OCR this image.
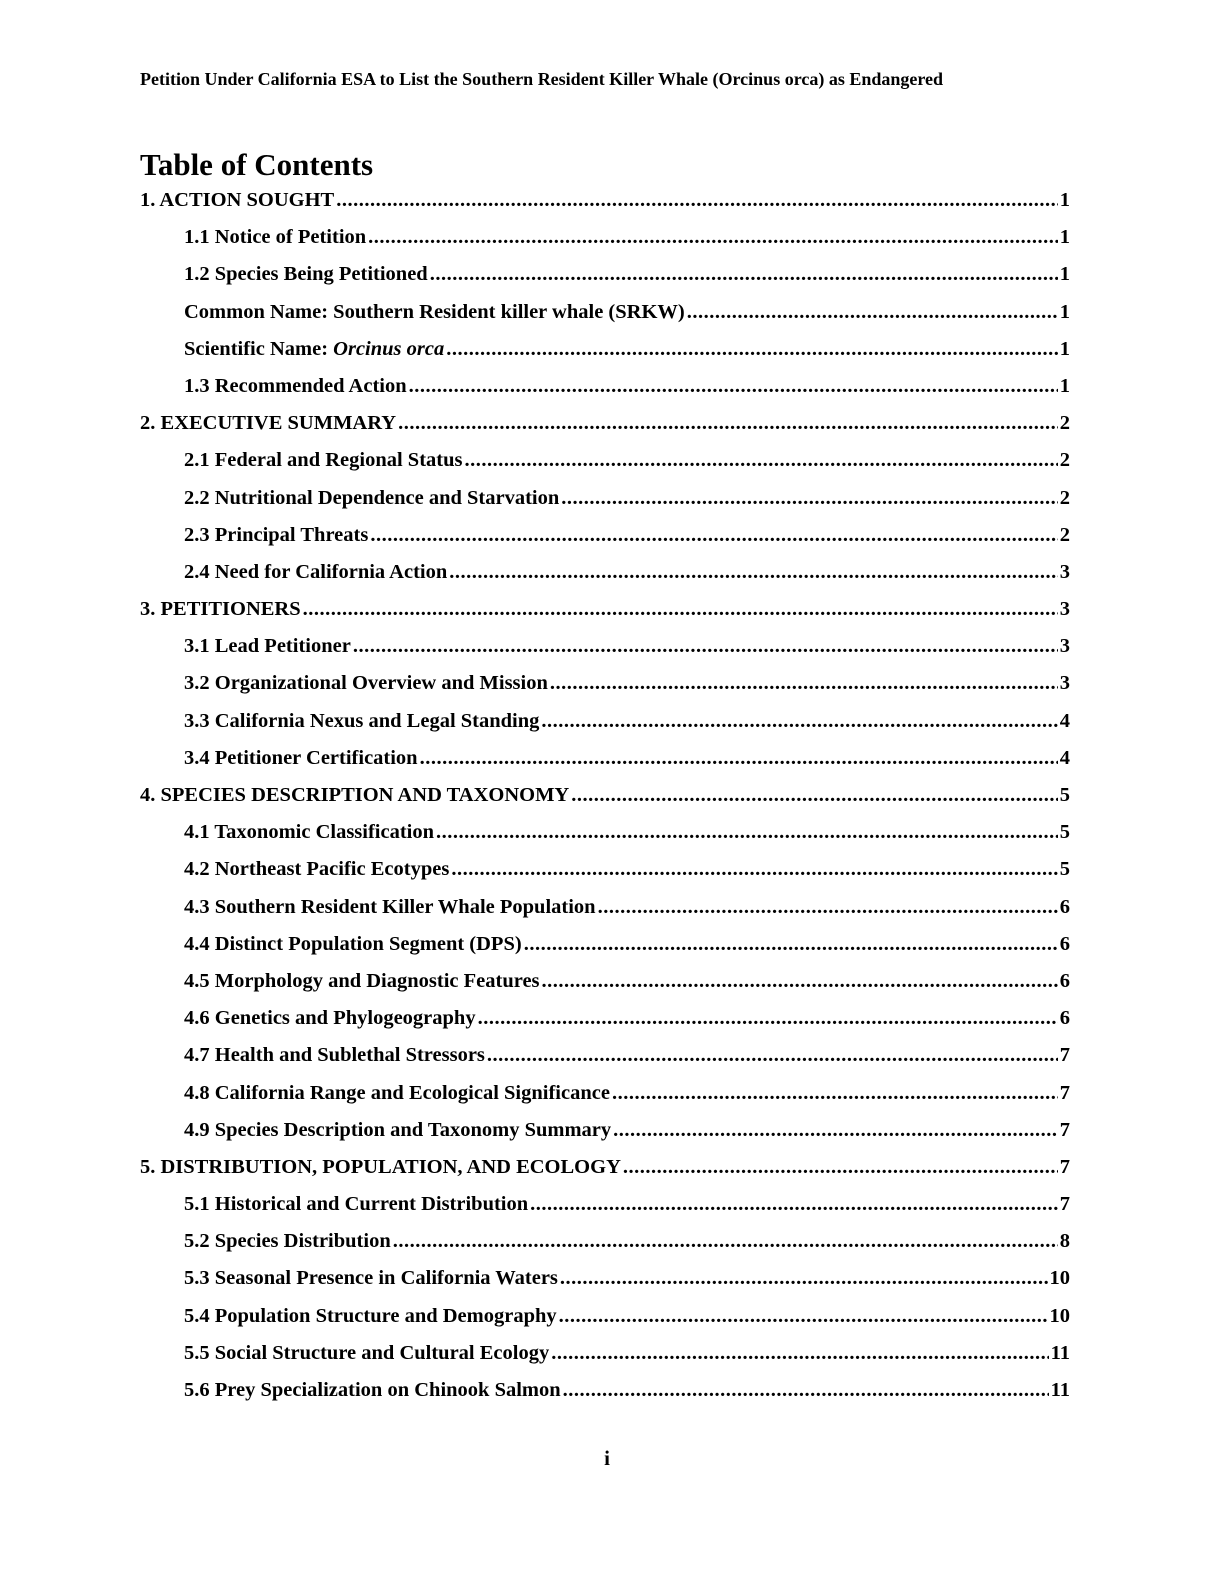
Petition Under California ESA to List the Southern Resident Killer Whale (Orcinus orca) as Endangered
Table of Contents
1. ACTION SOUGHT .....	1
1.1 Notice of Petition .....	1
1.2 Species Being Petitioned .....	1
Common Name: Southern Resident killer whale (SRKW) .....	1
Scientific Name: Orcinus orca .....	1
1.3 Recommended Action .....	1
2. EXECUTIVE SUMMARY .....	2
2.1 Federal and Regional Status .....	2
2.2 Nutritional Dependence and Starvation .....	2
2.3 Principal Threats .....	2
2.4 Need for California Action .....	3
3. PETITIONERS .....	3
3.1 Lead Petitioner .....	3
3.2 Organizational Overview and Mission .....	3
3.3 California Nexus and Legal Standing .....	4
3.4 Petitioner Certification .....	4
4. SPECIES DESCRIPTION AND TAXONOMY .....	5
4.1 Taxonomic Classification .....	5
4.2 Northeast Pacific Ecotypes .....	5
4.3 Southern Resident Killer Whale Population .....	6
4.4 Distinct Population Segment (DPS) .....	6
4.5 Morphology and Diagnostic Features .....	6
4.6 Genetics and Phylogeography .....	6
4.7 Health and Sublethal Stressors .....	7
4.8 California Range and Ecological Significance .....	7
4.9 Species Description and Taxonomy Summary .....	7
5. DISTRIBUTION, POPULATION, AND ECOLOGY .....	7
5.1 Historical and Current Distribution .....	7
5.2 Species Distribution .....	8
5.3 Seasonal Presence in California Waters .....	10
5.4 Population Structure and Demography .....	10
5.5 Social Structure and Cultural Ecology .....	11
5.6 Prey Specialization on Chinook Salmon .....	11
i
